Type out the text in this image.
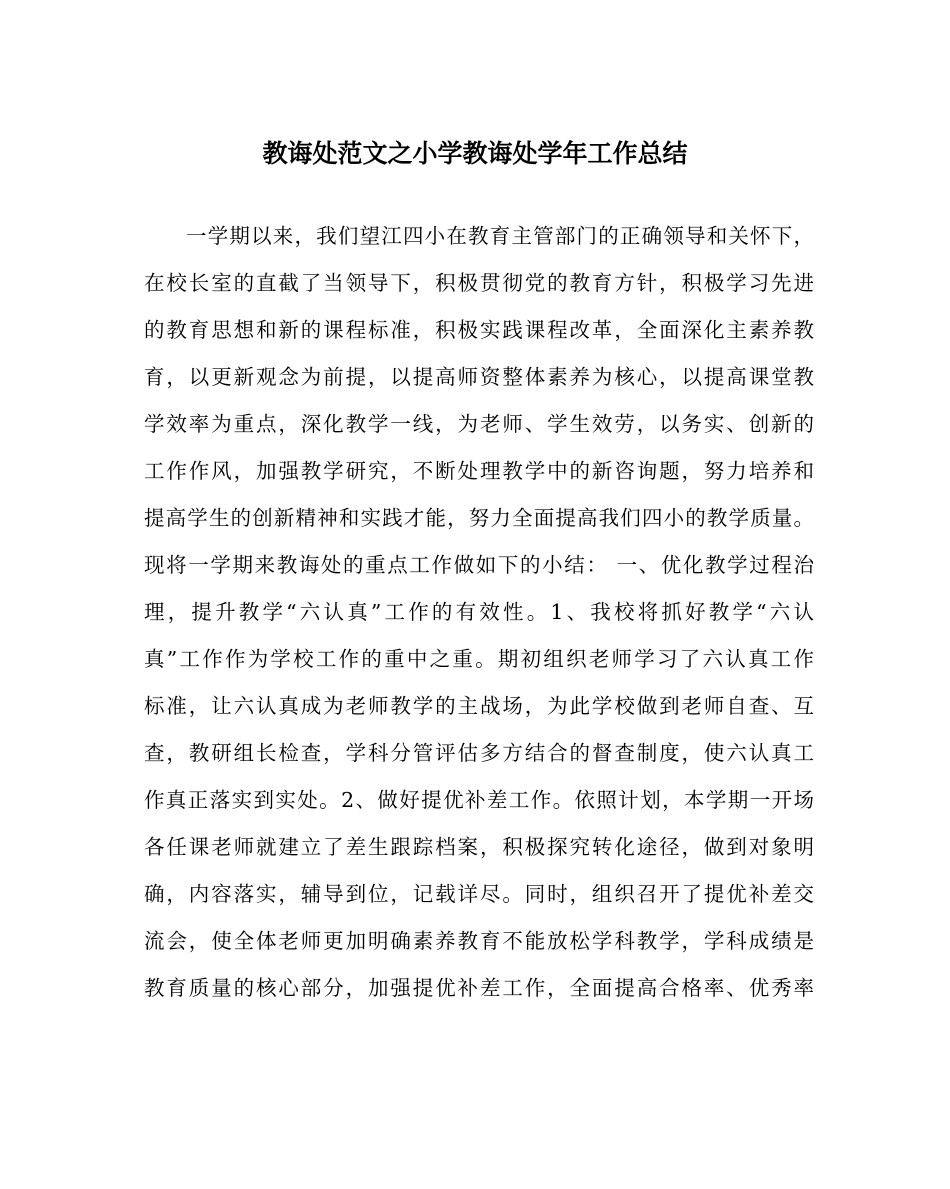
教诲处范文之小学教诲处学年工作总结
一学期以来，我们望江四小在教育主管部门的正确领导和关怀下，
在校长室的直截了当领导下，积极贯彻党的教育方针，积极学习先进
的教育思想和新的课程标准，积极实践课程改革，全面深化主素养教
育，以更新观念为前提，以提高师资整体素养为核心，以提高课堂教
学效率为重点，深化教学一线，为老师、学生效劳，以务实、创新的
工作作风，加强教学研究，不断处理教学中的新咨询题，努力培养和
提高学生的创新精神和实践才能，努力全面提高我们四小的教学质量。
现将一学期来教诲处的重点工作做如下的小结： 一、优化教学过程治
理，提升教学“六认真”工作的有效性。1、我校将抓好教学“六认
真”工作作为学校工作的重中之重。期初组织老师学习了六认真工作
标准，让六认真成为老师教学的主战场，为此学校做到老师自查、互
查，教研组长检查，学科分管评估多方结合的督查制度，使六认真工
作真正落实到实处。2、做好提优补差工作。依照计划，本学期一开场
各任课老师就建立了差生跟踪档案，积极探究转化途径，做到对象明
确，内容落实，辅导到位，记载详尽。同时，组织召开了提优补差交
流会，使全体老师更加明确素养教育不能放松学科教学，学科成绩是
教育质量的核心部分，加强提优补差工作，全面提高合格率、优秀率
